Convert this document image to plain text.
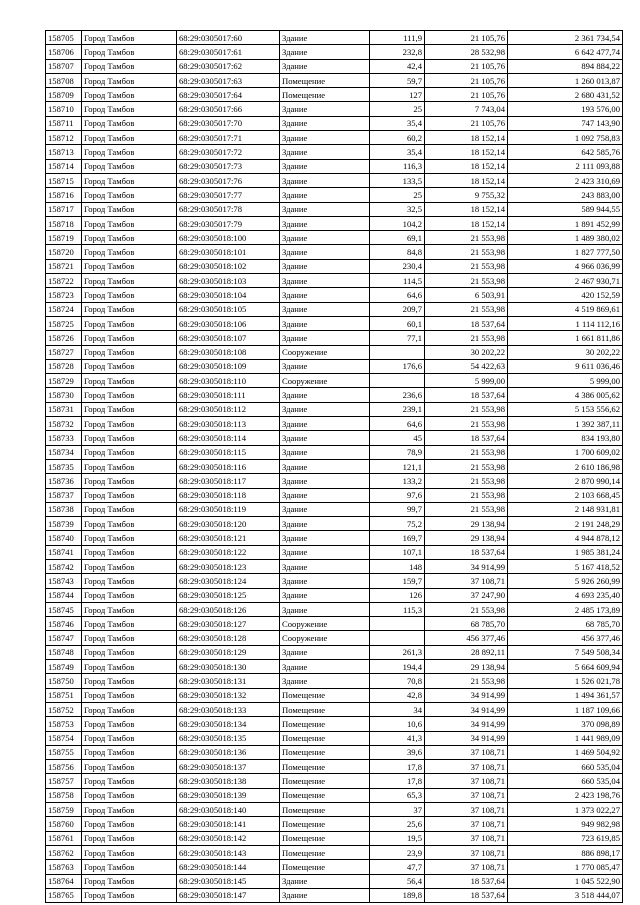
158705	Город Тамбов	68:29:0305017:60	Здание	111,9	21 105,76	2 361 734,54
158706	Город Тамбов	68:29:0305017:61	Здание	232,8	28 532,98	6 642 477,74
158707	Город Тамбов	68:29:0305017:62	Здание	42,4	21 105,76	894 884,22
158708	Город Тамбов	68:29:0305017:63	Помещение	59,7	21 105,76	1 260 013,87
158709	Город Тамбов	68:29:0305017:64	Помещение	127	21 105,76	2 680 431,52
158710	Город Тамбов	68:29:0305017:66	Здание	25	7 743,04	193 576,00
158711	Город Тамбов	68:29:0305017:70	Здание	35,4	21 105,76	747 143,90
158712	Город Тамбов	68:29:0305017:71	Здание	60,2	18 152,14	1 092 758,83
158713	Город Тамбов	68:29:0305017:72	Здание	35,4	18 152,14	642 585,76
158714	Город Тамбов	68:29:0305017:73	Здание	116,3	18 152,14	2 111 093,88
158715	Город Тамбов	68:29:0305017:76	Здание	133,5	18 152,14	2 423 310,69
158716	Город Тамбов	68:29:0305017:77	Здание	25	9 755,32	243 883,00
158717	Город Тамбов	68:29:0305017:78	Здание	32,5	18 152,14	589 944,55
158718	Город Тамбов	68:29:0305017:79	Здание	104,2	18 152,14	1 891 452,99
158719	Город Тамбов	68:29:0305018:100	Здание	69,1	21 553,98	1 489 380,02
158720	Город Тамбов	68:29:0305018:101	Здание	84,8	21 553,98	1 827 777,50
158721	Город Тамбов	68:29:0305018:102	Здание	230,4	21 553,98	4 966 036,99
158722	Город Тамбов	68:29:0305018:103	Здание	114,5	21 553,98	2 467 930,71
158723	Город Тамбов	68:29:0305018:104	Здание	64,6	6 503,91	420 152,59
158724	Город Тамбов	68:29:0305018:105	Здание	209,7	21 553,98	4 519 869,61
158725	Город Тамбов	68:29:0305018:106	Здание	60,1	18 537,64	1 114 112,16
158726	Город Тамбов	68:29:0305018:107	Здание	77,1	21 553,98	1 661 811,86
158727	Город Тамбов	68:29:0305018:108	Сооружение		30 202,22	30 202,22
158728	Город Тамбов	68:29:0305018:109	Здание	176,6	54 422,63	9 611 036,46
158729	Город Тамбов	68:29:0305018:110	Сооружение		5 999,00	5 999,00
158730	Город Тамбов	68:29:0305018:111	Здание	236,6	18 537,64	4 386 005,62
158731	Город Тамбов	68:29:0305018:112	Здание	239,1	21 553,98	5 153 556,62
158732	Город Тамбов	68:29:0305018:113	Здание	64,6	21 553,98	1 392 387,11
158733	Город Тамбов	68:29:0305018:114	Здание	45	18 537,64	834 193,80
158734	Город Тамбов	68:29:0305018:115	Здание	78,9	21 553,98	1 700 609,02
158735	Город Тамбов	68:29:0305018:116	Здание	121,1	21 553,98	2 610 186,98
158736	Город Тамбов	68:29:0305018:117	Здание	133,2	21 553,98	2 870 990,14
158737	Город Тамбов	68:29:0305018:118	Здание	97,6	21 553,98	2 103 668,45
158738	Город Тамбов	68:29:0305018:119	Здание	99,7	21 553,98	2 148 931,81
158739	Город Тамбов	68:29:0305018:120	Здание	75,2	29 138,94	2 191 248,29
158740	Город Тамбов	68:29:0305018:121	Здание	169,7	29 138,94	4 944 878,12
158741	Город Тамбов	68:29:0305018:122	Здание	107,1	18 537,64	1 985 381,24
158742	Город Тамбов	68:29:0305018:123	Здание	148	34 914,99	5 167 418,52
158743	Город Тамбов	68:29:0305018:124	Здание	159,7	37 108,71	5 926 260,99
158744	Город Тамбов	68:29:0305018:125	Здание	126	37 247,90	4 693 235,40
158745	Город Тамбов	68:29:0305018:126	Здание	115,3	21 553,98	2 485 173,89
158746	Город Тамбов	68:29:0305018:127	Сооружение		68 785,70	68 785,70
158747	Город Тамбов	68:29:0305018:128	Сооружение		456 377,46	456 377,46
158748	Город Тамбов	68:29:0305018:129	Здание	261,3	28 892,11	7 549 508,34
158749	Город Тамбов	68:29:0305018:130	Здание	194,4	29 138,94	5 664 609,94
158750	Город Тамбов	68:29:0305018:131	Здание	70,8	21 553,98	1 526 021,78
158751	Город Тамбов	68:29:0305018:132	Помещение	42,8	34 914,99	1 494 361,57
158752	Город Тамбов	68:29:0305018:133	Помещение	34	34 914,99	1 187 109,66
158753	Город Тамбов	68:29:0305018:134	Помещение	10,6	34 914,99	370 098,89
158754	Город Тамбов	68:29:0305018:135	Помещение	41,3	34 914,99	1 441 989,09
158755	Город Тамбов	68:29:0305018:136	Помещение	39,6	37 108,71	1 469 504,92
158756	Город Тамбов	68:29:0305018:137	Помещение	17,8	37 108,71	660 535,04
158757	Город Тамбов	68:29:0305018:138	Помещение	17,8	37 108,71	660 535,04
158758	Город Тамбов	68:29:0305018:139	Помещение	65,3	37 108,71	2 423 198,76
158759	Город Тамбов	68:29:0305018:140	Помещение	37	37 108,71	1 373 022,27
158760	Город Тамбов	68:29:0305018:141	Помещение	25,6	37 108,71	949 982,98
158761	Город Тамбов	68:29:0305018:142	Помещение	19,5	37 108,71	723 619,85
158762	Город Тамбов	68:29:0305018:143	Помещение	23,9	37 108,71	886 898,17
158763	Город Тамбов	68:29:0305018:144	Помещение	47,7	37 108,71	1 770 085,47
158764	Город Тамбов	68:29:0305018:145	Здание	56,4	18 537,64	1 045 522,90
158765	Город Тамбов	68:29:0305018:147	Здание	189,8	18 537,64	3 518 444,07
